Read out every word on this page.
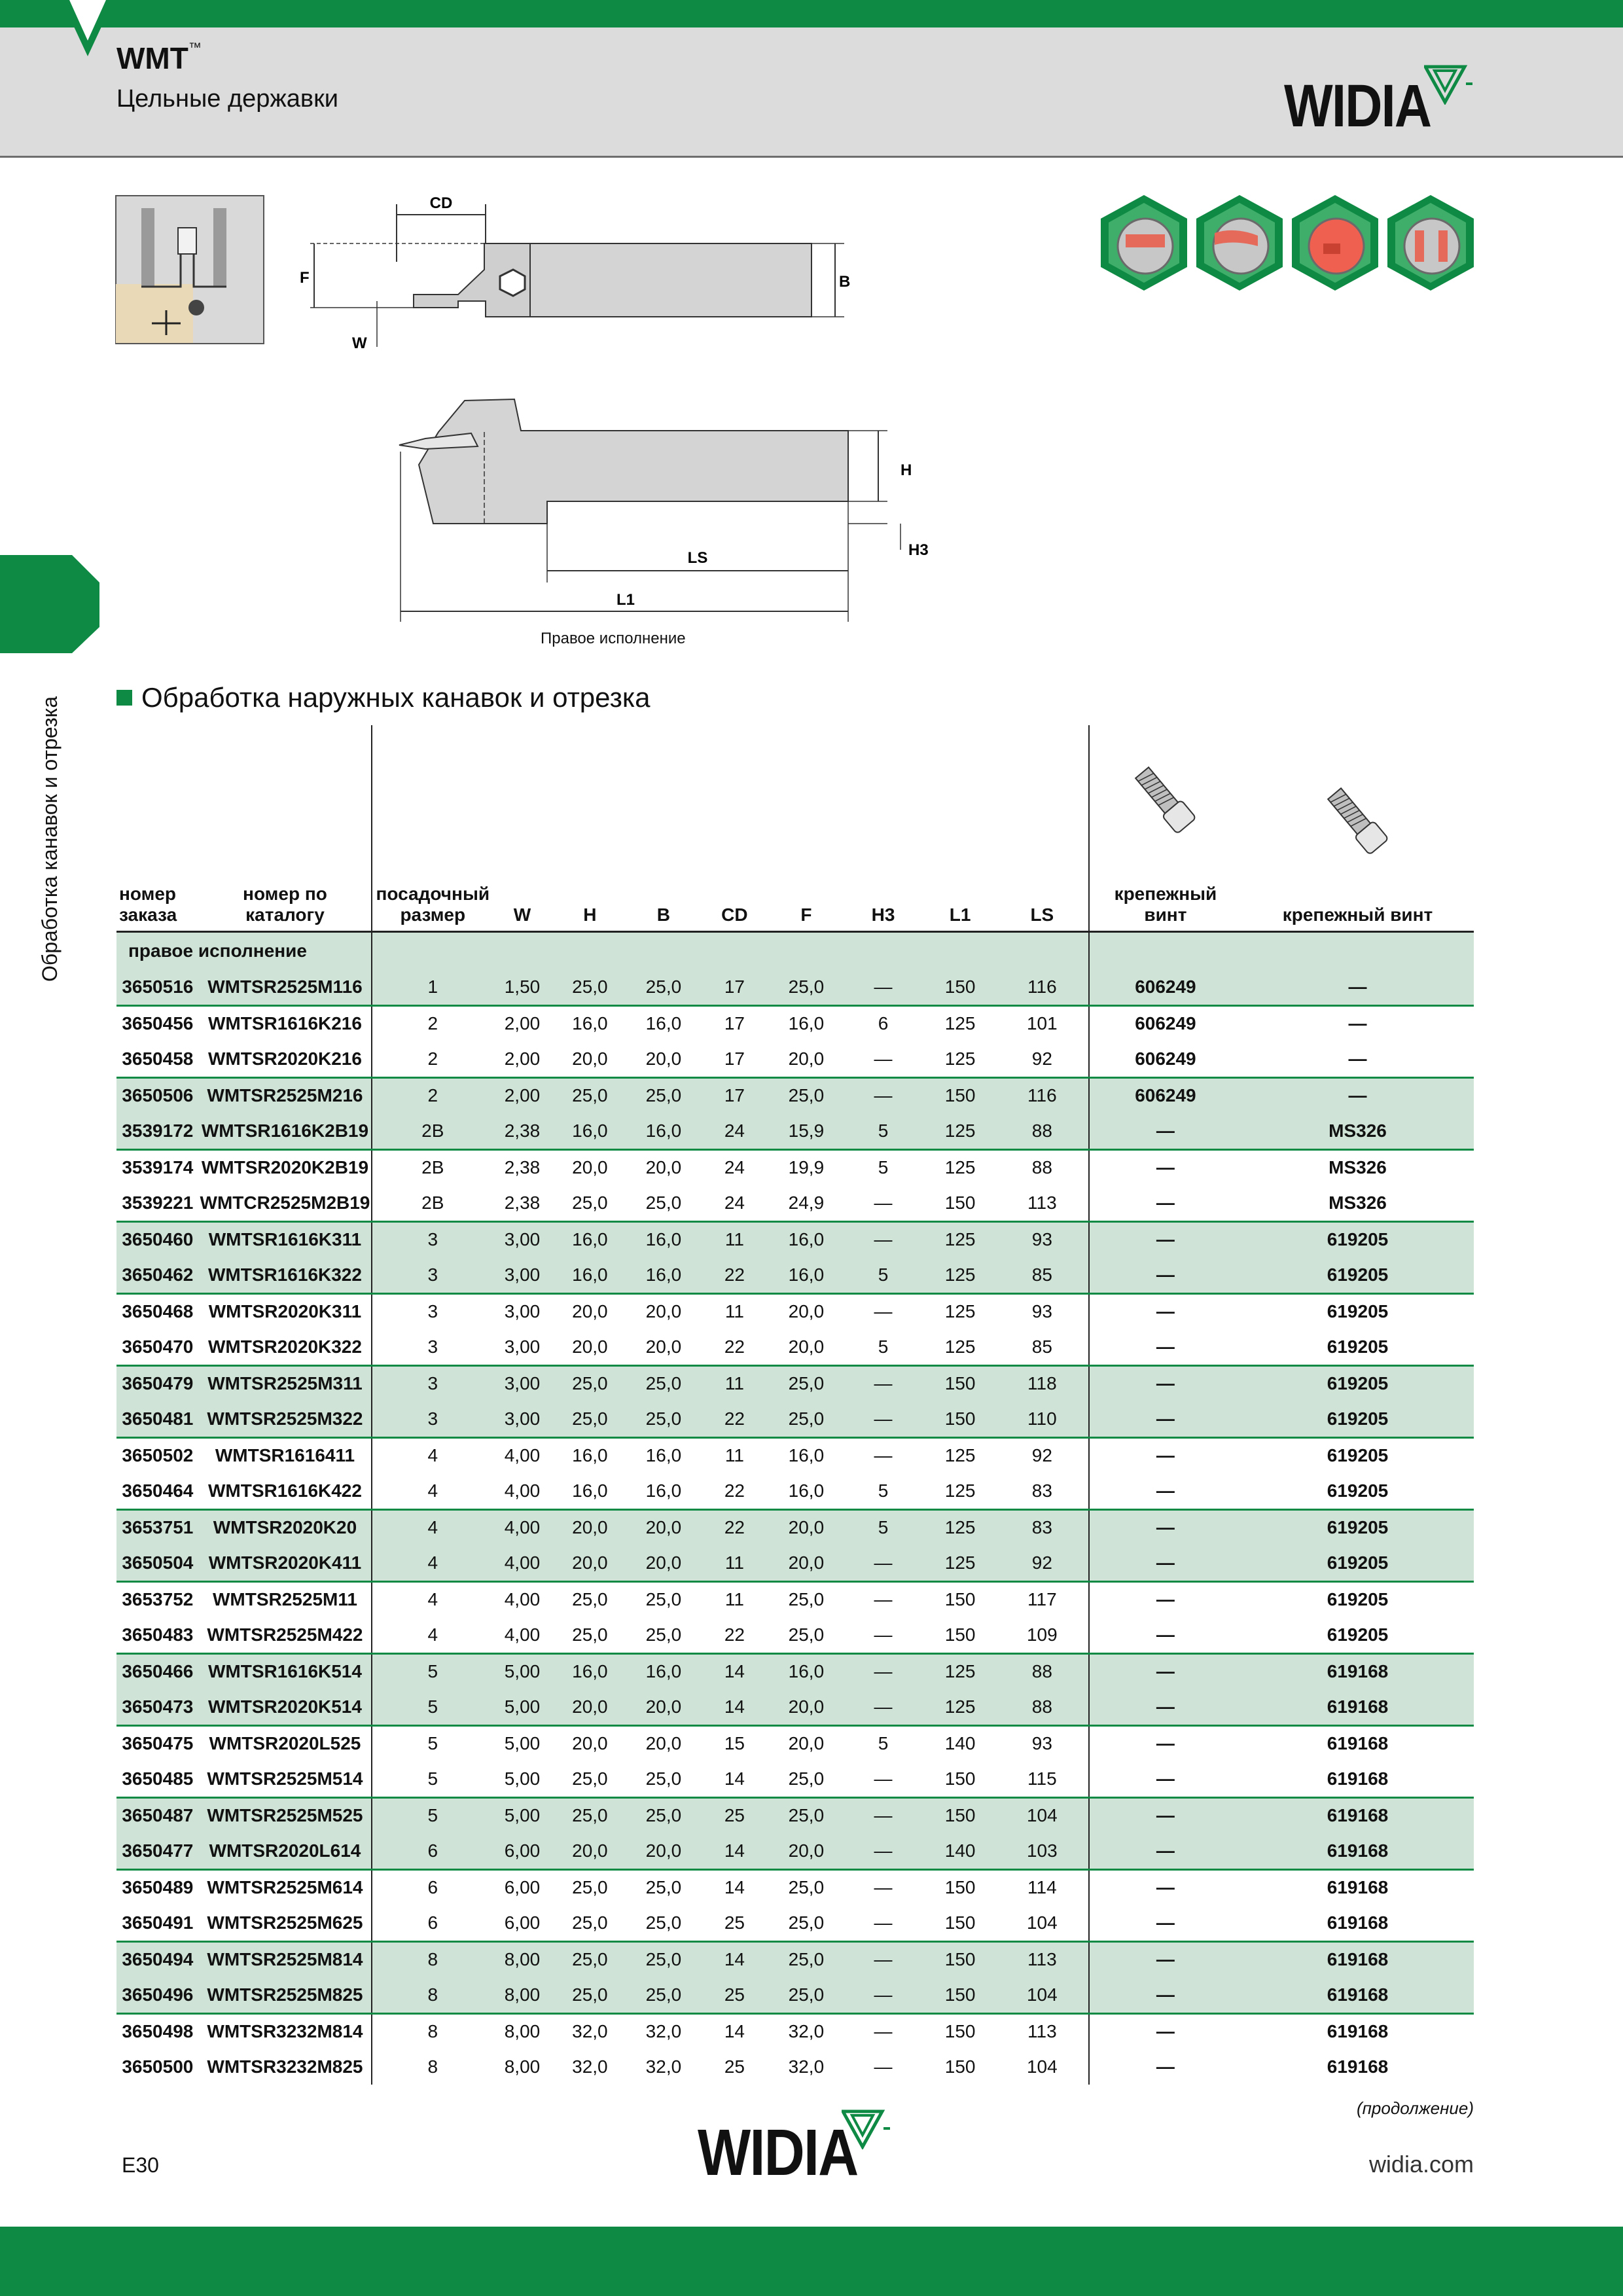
WMT™
Цельные державки	WIDIA
Обработка канавок и отрезка
CD
F	B
W
H
H3
LS
L1
Правое исполнение
Обработка наружных канавок и отрезка
номер заказа	номер по каталогу	посадочный размер	W	H	B	CD	F	H3	L1	LS	крепежный винт	крепежный винт
правое исполнение												
3650516	WMTSR2525M116	1	1,50	25,0	25,0	17	25,0	—	150	116	606249	—
3650456	WMTSR1616K216	2	2,00	16,0	16,0	17	16,0	6	125	101	606249	—
3650458	WMTSR2020K216	2	2,00	20,0	20,0	17	20,0	—	125	92	606249	—
3650506	WMTSR2525M216	2	2,00	25,0	25,0	17	25,0	—	150	116	606249	—
3539172	WMTSR1616K2B19	2B	2,38	16,0	16,0	24	15,9	5	125	88	—	MS326
3539174	WMTSR2020K2B19	2B	2,38	20,0	20,0	24	19,9	5	125	88	—	MS326
3539221	WMTCR2525M2B19	2B	2,38	25,0	25,0	24	24,9	—	150	113	—	MS326
3650460	WMTSR1616K311	3	3,00	16,0	16,0	11	16,0	—	125	93	—	619205
3650462	WMTSR1616K322	3	3,00	16,0	16,0	22	16,0	5	125	85	—	619205
3650468	WMTSR2020K311	3	3,00	20,0	20,0	11	20,0	—	125	93	—	619205
3650470	WMTSR2020K322	3	3,00	20,0	20,0	22	20,0	5	125	85	—	619205
3650479	WMTSR2525M311	3	3,00	25,0	25,0	11	25,0	—	150	118	—	619205
3650481	WMTSR2525M322	3	3,00	25,0	25,0	22	25,0	—	150	110	—	619205
3650502	WMTSR1616411	4	4,00	16,0	16,0	11	16,0	—	125	92	—	619205
3650464	WMTSR1616K422	4	4,00	16,0	16,0	22	16,0	5	125	83	—	619205
3653751	WMTSR2020K20	4	4,00	20,0	20,0	22	20,0	5	125	83	—	619205
3650504	WMTSR2020K411	4	4,00	20,0	20,0	11	20,0	—	125	92	—	619205
3653752	WMTSR2525M11	4	4,00	25,0	25,0	11	25,0	—	150	117	—	619205
3650483	WMTSR2525M422	4	4,00	25,0	25,0	22	25,0	—	150	109	—	619205
3650466	WMTSR1616K514	5	5,00	16,0	16,0	14	16,0	—	125	88	—	619168
3650473	WMTSR2020K514	5	5,00	20,0	20,0	14	20,0	—	125	88	—	619168
3650475	WMTSR2020L525	5	5,00	20,0	20,0	15	20,0	5	140	93	—	619168
3650485	WMTSR2525M514	5	5,00	25,0	25,0	14	25,0	—	150	115	—	619168
3650487	WMTSR2525M525	5	5,00	25,0	25,0	25	25,0	—	150	104	—	619168
3650477	WMTSR2020L614	6	6,00	20,0	20,0	14	20,0	—	140	103	—	619168
3650489	WMTSR2525M614	6	6,00	25,0	25,0	14	25,0	—	150	114	—	619168
3650491	WMTSR2525M625	6	6,00	25,0	25,0	25	25,0	—	150	104	—	619168
3650494	WMTSR2525M814	8	8,00	25,0	25,0	14	25,0	—	150	113	—	619168
3650496	WMTSR2525M825	8	8,00	25,0	25,0	25	25,0	—	150	104	—	619168
3650498	WMTSR3232M814	8	8,00	32,0	32,0	14	32,0	—	150	113	—	619168
3650500	WMTSR3232M825	8	8,00	32,0	32,0	25	32,0	—	150	104	—	619168
(продолжение)
E30	WIDIA	widia.com
